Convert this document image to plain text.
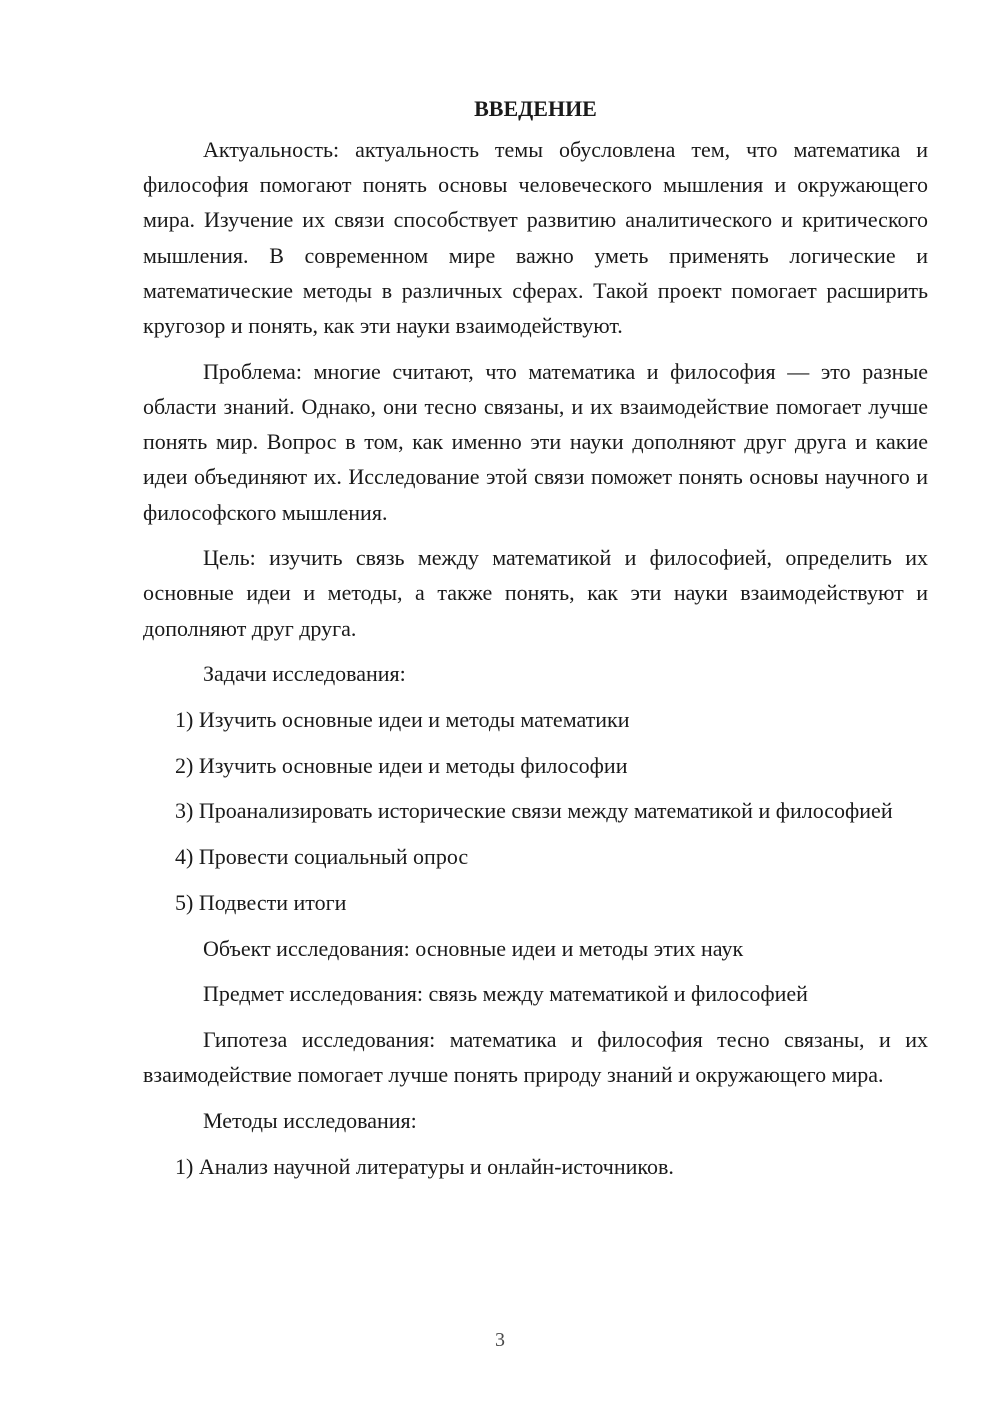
ВВЕДЕНИЕ

Актуальность: актуальность темы обусловлена тем, что математика и философия помогают понять основы человеческого мышления и окружающего мира. Изучение их связи способствует развитию аналитического и критического мышления. В современном мире важно уметь применять логические и математические методы в различных сферах. Такой проект помогает расширить кругозор и понять, как эти науки взаимодействуют.

Проблема: многие считают, что математика и философия — это разные области знаний. Однако, они тесно связаны, и их взаимодействие помогает лучше понять мир. Вопрос в том, как именно эти науки дополняют друг друга и какие идеи объединяют их. Исследование этой связи поможет понять основы научного и философского мышления.

Цель: изучить связь между математикой и философией, определить их основные идеи и методы, а также понять, как эти науки взаимодействуют и дополняют друг друга.

Задачи исследования:

1) Изучить основные идеи и методы математики

2) Изучить основные идеи и методы философии

3) Проанализировать исторические связи между математикой и философией

4) Провести социальный опрос

5) Подвести итоги

Объект исследования: основные идеи и методы этих наук

Предмет исследования: связь между математикой и философией

Гипотеза исследования: математика и философия тесно связаны, и их взаимодействие помогает лучше понять природу знаний и окружающего мира.

Методы исследования:

1) Анализ научной литературы и онлайн-источников.

3
